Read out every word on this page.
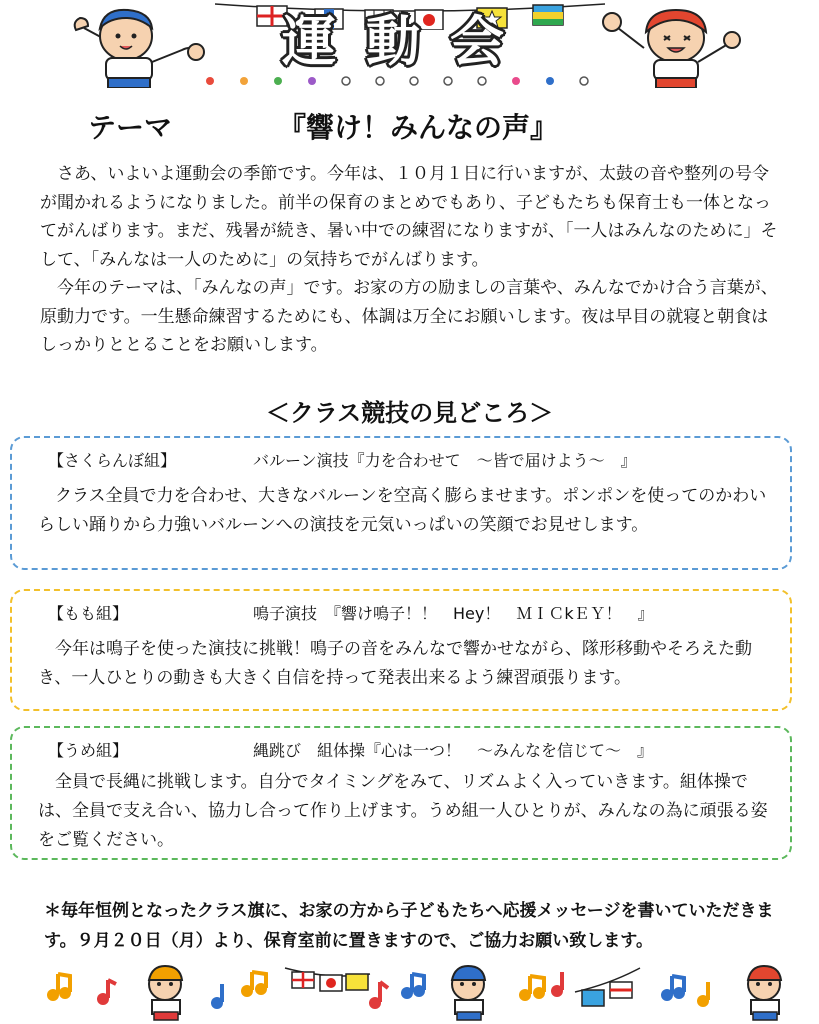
運動会
テーマ	『響け！みんなの声』

さあ、いよいよ運動会の季節です。今年は、１０月１日に行いますが、太鼓の音や整列の号令が聞かれるようになりました。前半の保育のまとめでもあり、子どもたちも保育士も一体となってがんばります。まだ、残暑が続き、暑い中での練習になりますが、「一人はみんなのために」そして、「みんなは一人のために」の気持ちでがんばります。

今年のテーマは、「みんなの声」です。お家の方の励ましの言葉や、みんなでかけ合う言葉が、原動力です。一生懸命練習するためにも、体調は万全にお願いします。夜は早目の就寝と朝食はしっかりととることをお願いします。

＜クラス競技の見どころ＞
【さくらんぼ組】	バルーン演技『力を合わせて　～皆で届けよう～　』

クラス全員で力を合わせ、大きなバルーンを空高く膨らませます。ポンポンを使ってのかわいらしい踊りから力強いバルーンへの演技を元気いっぱいの笑顔でお見せします。

【もも組】	鳴子演技　『響け鳴子！！　Hey！　ＭＩＣkＥＹ！　』

今年は鳴子を使った演技に挑戦！鳴子の音をみんなで響かせながら、隊形移動やそろえた動き、一人ひとりの動きも大きく自信を持って発表出来るよう練習頑張ります。

【うめ組】	縄跳び　組体操『心は一つ！　～みんなを信じて～　』

全員で長縄に挑戦します。自分でタイミングをみて、リズムよく入っていきます。組体操では、全員で支え合い、協力し合って作り上げます。うめ組一人ひとりが、みんなの為に頑張る姿をご覧ください。

＊毎年恒例となったクラス旗に、お家の方から子どもたちへ応援メッセージを書いていただきます。９月２０日（月）より、保育室前に置きますので、ご協力お願い致します。
